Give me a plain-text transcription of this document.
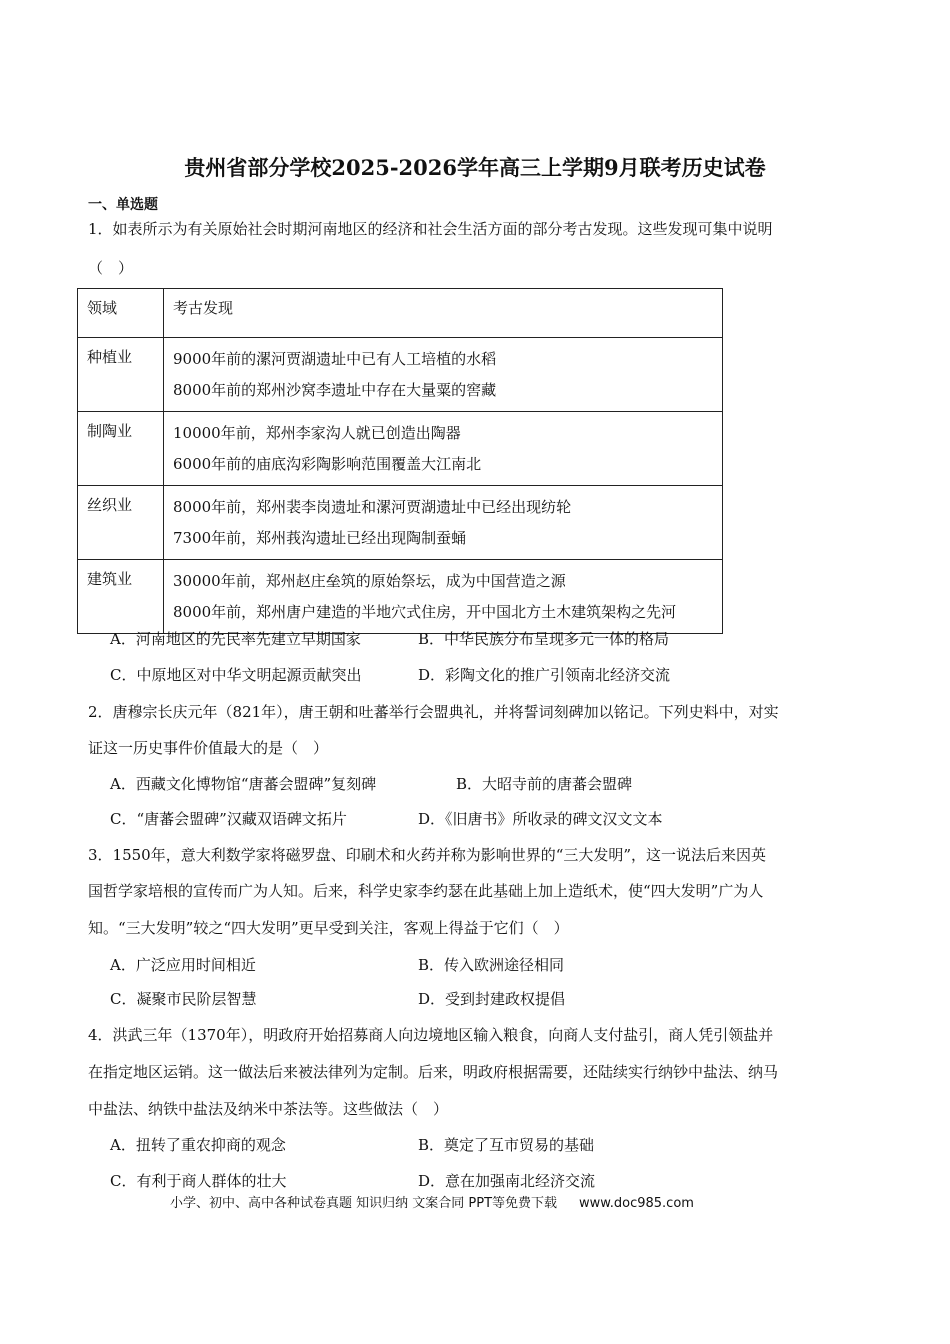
贵州省部分学校2025-2026学年高三上学期9月联考历史试卷
一、单选题
1．如表所示为有关原始社会时期河南地区的经济和社会生活方面的部分考古发现。这些发现可集中说明
（　）
领域	考古发现
种植业	9000年前的漯河贾湖遗址中已有人工培植的水稻
8000年前的郑州沙窝李遗址中存在大量粟的窖藏

制陶业	10000年前，郑州李家沟人就已创造出陶器
6000年前的庙底沟彩陶影响范围覆盖大江南北

丝织业	8000年前，郑州裴李岗遗址和漯河贾湖遗址中已经出现纺轮
7300年前，郑州莪沟遗址已经出现陶制蚕蛹

建筑业	30000年前，郑州赵庄垒筑的原始祭坛，成为中国营造之源
8000年前，郑州唐户建造的半地穴式住房，开中国北方土木建筑架构之先河
A．河南地区的先民率先建立早期国家	B．中华民族分布呈现多元一体的格局
C．中原地区对中华文明起源贡献突出	D．彩陶文化的推广引领南北经济交流
2．唐穆宗长庆元年（821年），唐王朝和吐蕃举行会盟典礼，并将誓词刻碑加以铭记。下列史料中，对实
证这一历史事件价值最大的是（　）
A．西藏文化博物馆“唐蕃会盟碑”复刻碑	B．大昭寺前的唐蕃会盟碑
C．“唐蕃会盟碑”汉藏双语碑文拓片	D．《旧唐书》所收录的碑文汉文文本
3．1550年，意大利数学家将磁罗盘、印刷术和火药并称为影响世界的“三大发明”，这一说法后来因英
国哲学家培根的宣传而广为人知。后来，科学史家李约瑟在此基础上加上造纸术，使“四大发明”广为人
知。“三大发明”较之“四大发明”更早受到关注，客观上得益于它们（　）
A．广泛应用时间相近	B．传入欧洲途径相同
C．凝聚市民阶层智慧	D．受到封建政权提倡
4．洪武三年（1370年），明政府开始招募商人向边境地区输入粮食，向商人支付盐引，商人凭引领盐并
在指定地区运销。这一做法后来被法律列为定制。后来，明政府根据需要，还陆续实行纳钞中盐法、纳马
中盐法、纳铁中盐法及纳米中茶法等。这些做法（　）
A．扭转了重农抑商的观念	B．奠定了互市贸易的基础
C．有利于商人群体的壮大	D．意在加强南北经济交流
小学、初中、高中各种试卷真题 知识归纳 文案合同 PPT等免费下载 www.doc985.com
